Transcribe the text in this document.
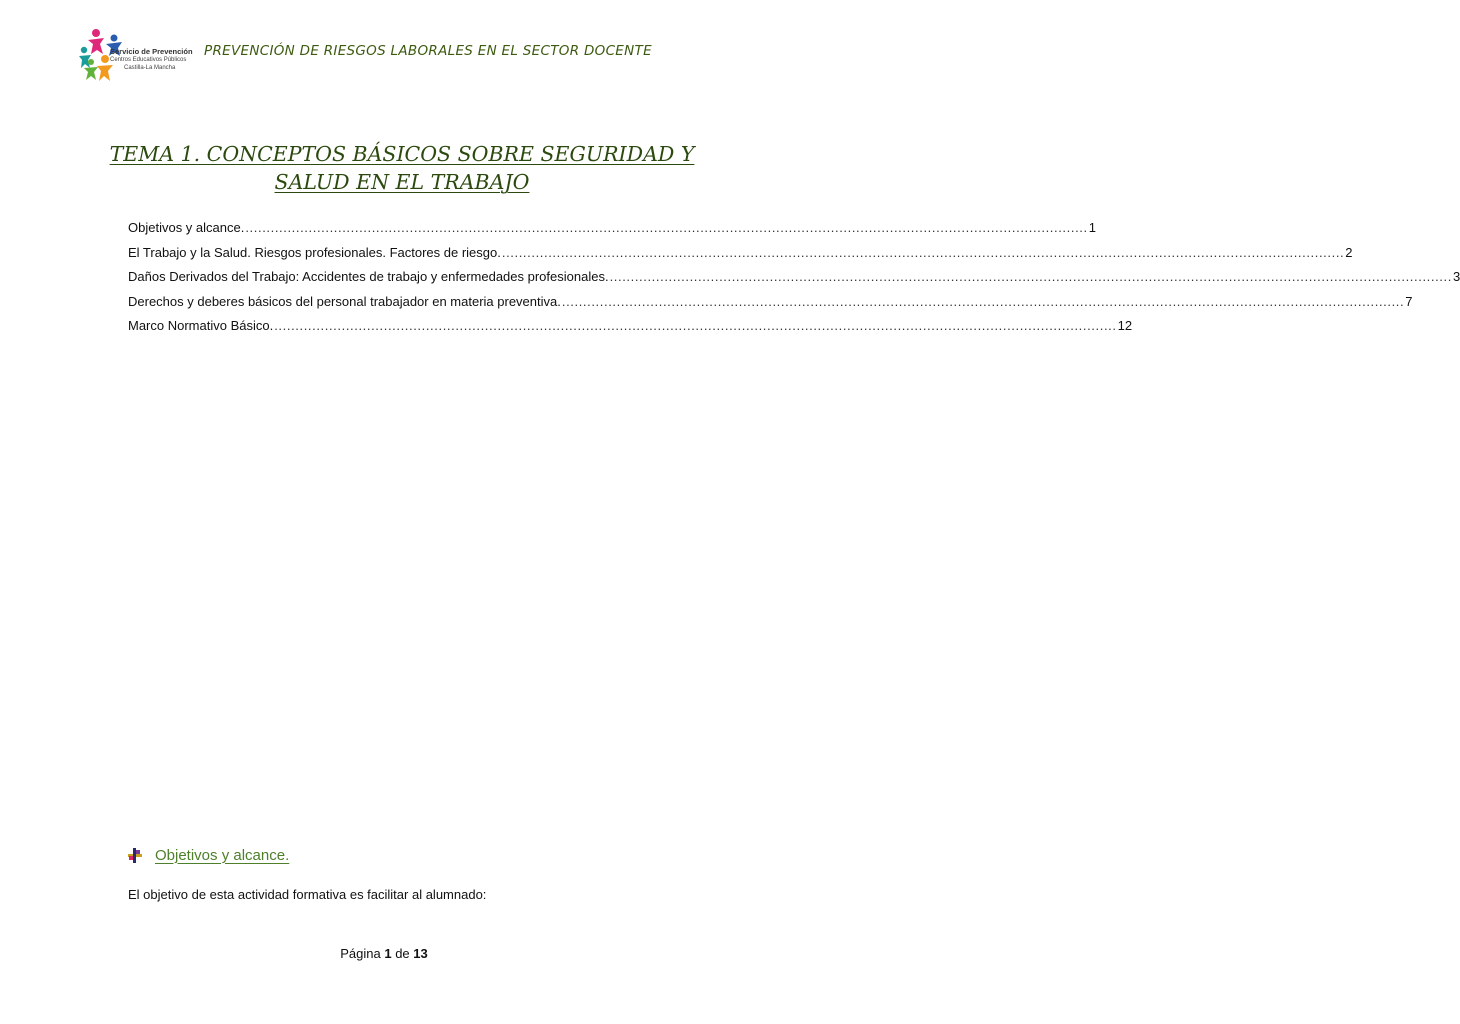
Servicio de Prevención
Centros Educativos Públicos
Castilla-La Mancha
PREVENCIÓN DE RIESGOS LABORALES EN EL SECTOR DOCENTE
TEMA 1. CONCEPTOS BÁSICOS SOBRE SEGURIDAD Y
SALUD EN EL TRABAJO
Objetivos y alcance. ........................................................................................................................................................................................................ 1
El Trabajo y la Salud. Riesgos profesionales. Factores de riesgo. ........................................................................................................................................................................................................ 2
Daños Derivados del Trabajo: Accidentes de trabajo y enfermedades profesionales. ........................................................................................................................................................................................................ 3
Derechos y deberes básicos del personal trabajador en materia preventiva. ........................................................................................................................................................................................................ 7
Marco Normativo Básico. ........................................................................................................................................................................................................ 12
Objetivos y alcance.
El objetivo de esta actividad formativa es facilitar al alumnado:
Página 1 de 13
